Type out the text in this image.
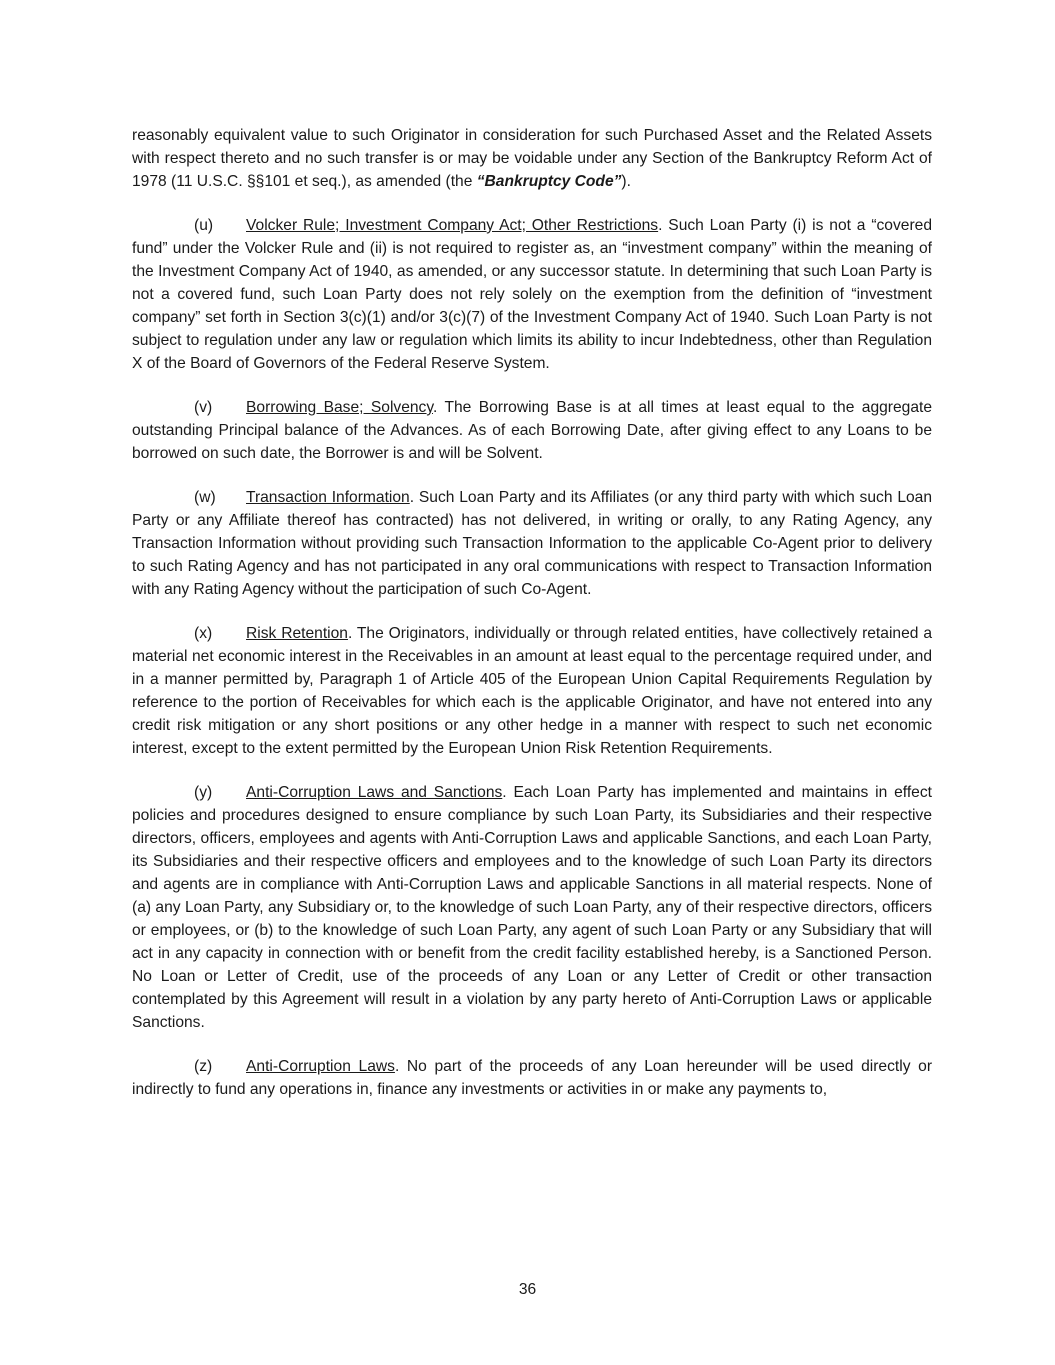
reasonably equivalent value to such Originator in consideration for such Purchased Asset and the Related Assets with respect thereto and no such transfer is or may be voidable under any Section of the Bankruptcy Reform Act of 1978 (11 U.S.C. §§101 et seq.), as amended (the “Bankruptcy Code”).

(u) Volcker Rule; Investment Company Act; Other Restrictions. Such Loan Party (i) is not a “covered fund” under the Volcker Rule and (ii) is not required to register as, an “investment company” within the meaning of the Investment Company Act of 1940, as amended, or any successor statute. In determining that such Loan Party is not a covered fund, such Loan Party does not rely solely on the exemption from the definition of “investment company” set forth in Section 3(c)(1) and/or 3(c)(7) of the Investment Company Act of 1940. Such Loan Party is not subject to regulation under any law or regulation which limits its ability to incur Indebtedness, other than Regulation X of the Board of Governors of the Federal Reserve System.

(v) Borrowing Base; Solvency. The Borrowing Base is at all times at least equal to the aggregate outstanding Principal balance of the Advances. As of each Borrowing Date, after giving effect to any Loans to be borrowed on such date, the Borrower is and will be Solvent.

(w) Transaction Information. Such Loan Party and its Affiliates (or any third party with which such Loan Party or any Affiliate thereof has contracted) has not delivered, in writing or orally, to any Rating Agency, any Transaction Information without providing such Transaction Information to the applicable Co-Agent prior to delivery to such Rating Agency and has not participated in any oral communications with respect to Transaction Information with any Rating Agency without the participation of such Co-Agent.

(x) Risk Retention. The Originators, individually or through related entities, have collectively retained a material net economic interest in the Receivables in an amount at least equal to the percentage required under, and in a manner permitted by, Paragraph 1 of Article 405 of the European Union Capital Requirements Regulation by reference to the portion of Receivables for which each is the applicable Originator, and have not entered into any credit risk mitigation or any short positions or any other hedge in a manner with respect to such net economic interest, except to the extent permitted by the European Union Risk Retention Requirements.

(y) Anti-Corruption Laws and Sanctions. Each Loan Party has implemented and maintains in effect policies and procedures designed to ensure compliance by such Loan Party, its Subsidiaries and their respective directors, officers, employees and agents with Anti-Corruption Laws and applicable Sanctions, and each Loan Party, its Subsidiaries and their respective officers and employees and to the knowledge of such Loan Party its directors and agents are in compliance with Anti-Corruption Laws and applicable Sanctions in all material respects. None of (a) any Loan Party, any Subsidiary or, to the knowledge of such Loan Party, any of their respective directors, officers or employees, or (b) to the knowledge of such Loan Party, any agent of such Loan Party or any Subsidiary that will act in any capacity in connection with or benefit from the credit facility established hereby, is a Sanctioned Person. No Loan or Letter of Credit, use of the proceeds of any Loan or any Letter of Credit or other transaction contemplated by this Agreement will result in a violation by any party hereto of Anti-Corruption Laws or applicable Sanctions.

(z) Anti-Corruption Laws. No part of the proceeds of any Loan hereunder will be used directly or indirectly to fund any operations in, finance any investments or activities in or make any payments to,

36
